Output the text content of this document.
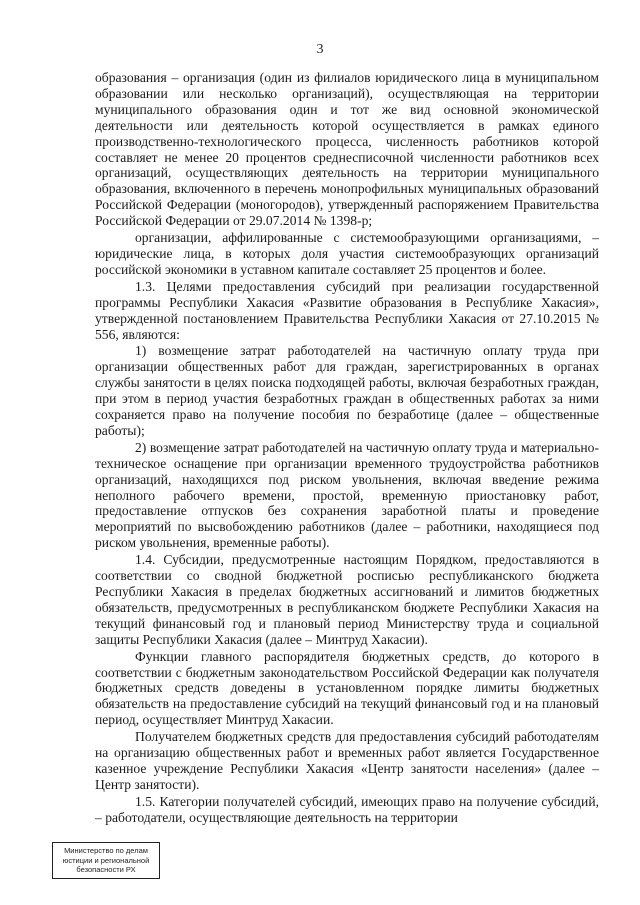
3

образования – организация (один из филиалов юридического лица в муниципальном образовании или несколько организаций), осуществляющая на территории муниципального образования один и тот же вид основной экономической деятельности или деятельность которой осуществляется в рамках единого производственно-технологического процесса, численность работников которой составляет не менее 20 процентов среднесписочной численности работников всех организаций, осуществляющих деятельность на территории муниципального образования, включенного в перечень монопрофильных муниципальных образований Российской Федерации (моногородов), утвержденный распоряжением Правительства Российской Федерации от 29.07.2014 № 1398-р;

организации, аффилированные с системообразующими организациями, – юридические лица, в которых доля участия системообразующих организаций российской экономики в уставном капитале составляет 25 процентов и более.

1.3. Целями предоставления субсидий при реализации государственной программы Республики Хакасия «Развитие образования в Республике Хакасия», утвержденной постановлением Правительства Республики Хакасия от 27.10.2015 № 556, являются:

1) возмещение затрат работодателей на частичную оплату труда при организации общественных работ для граждан, зарегистрированных в органах службы занятости в целях поиска подходящей работы, включая безработных граждан, при этом в период участия безработных граждан в общественных работах за ними сохраняется право на получение пособия по безработице (далее – общественные работы);

2) возмещение затрат работодателей на частичную оплату труда и материально-техническое оснащение при организации временного трудоустройства работников организаций, находящихся под риском увольнения, включая введение режима неполного рабочего времени, простой, временную приостановку работ, предоставление отпусков без сохранения заработной платы и проведение мероприятий по высвобождению работников (далее – работники, находящиеся под риском увольнения, временные работы).

1.4. Субсидии, предусмотренные настоящим Порядком, предоставляются в соответствии со сводной бюджетной росписью республиканского бюджета Республики Хакасия в пределах бюджетных ассигнований и лимитов бюджетных обязательств, предусмотренных в республиканском бюджете Республики Хакасия на текущий финансовый год и плановый период Министерству труда и социальной защиты Республики Хакасия (далее – Минтруд Хакасии).

Функции главного распорядителя бюджетных средств, до которого в соответствии с бюджетным законодательством Российской Федерации как получателя бюджетных средств доведены в установленном порядке лимиты бюджетных обязательств на предоставление субсидий на текущий финансовый год и на плановый период, осуществляет Минтруд Хакасии.

Получателем бюджетных средств для предоставления субсидий работодателям на организацию общественных работ и временных работ является Государственное казенное учреждение Республики Хакасия «Центр занятости населения» (далее – Центр занятости).

1.5. Категории получателей субсидий, имеющих право на получение субсидий, – работодатели, осуществляющие деятельность на территории

Министерство по делам
юстиции и региональной
безопасности РХ
